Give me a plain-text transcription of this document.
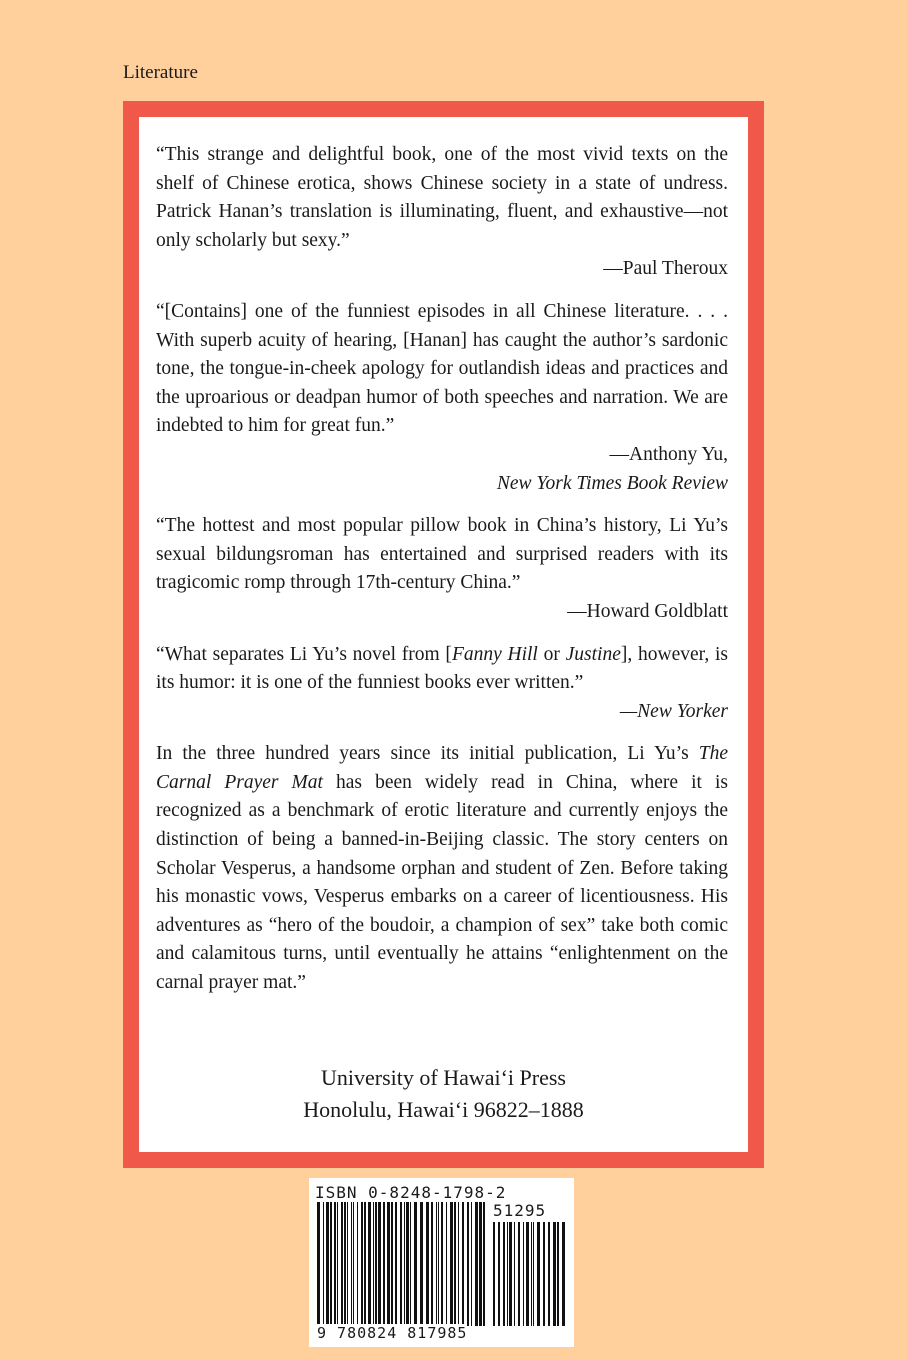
Literature

“This strange and delightful book, one of the most vivid texts on the shelf of Chinese erotica, shows Chinese society in a state of undress. Patrick Hanan’s translation is illuminating, fluent, and exhaustive—not only scholarly but sexy.”

—Paul Theroux

“[Contains] one of the funniest episodes in all Chinese literature. . . . With superb acuity of hearing, [Hanan] has caught the author’s sardonic tone, the tongue-in-cheek apology for outlandish ideas and practices and the uproarious or deadpan humor of both speeches and narration. We are indebted to him for great fun.”

—Anthony Yu,

New York Times Book Review

“The hottest and most popular pillow book in China’s history, Li Yu’s sexual bildungsroman has entertained and surprised readers with its tragicomic romp through 17th-century China.”

—Howard Goldblatt

“What separates Li Yu’s novel from [Fanny Hill or Justine], however, is its humor: it is one of the funniest books ever written.”

—New Yorker

In the three hundred years since its initial publication, Li Yu’s The Carnal Prayer Mat has been widely read in China, where it is recognized as a benchmark of erotic literature and currently enjoys the distinction of being a banned-in-Beijing classic. The story centers on Scholar Vesperus, a handsome orphan and student of Zen. Before taking his monastic vows, Vesperus embarks on a career of licentiousness. His adventures as “hero of the boudoir, a champion of sex” take both comic and calamitous turns, until eventually he attains “enlightenment on the carnal prayer mat.”

University of Hawai‘i Press
Honolulu, Hawai‘i 96822–1888
ISBN 0-8248-1798-2
51295
9 780824 817985
